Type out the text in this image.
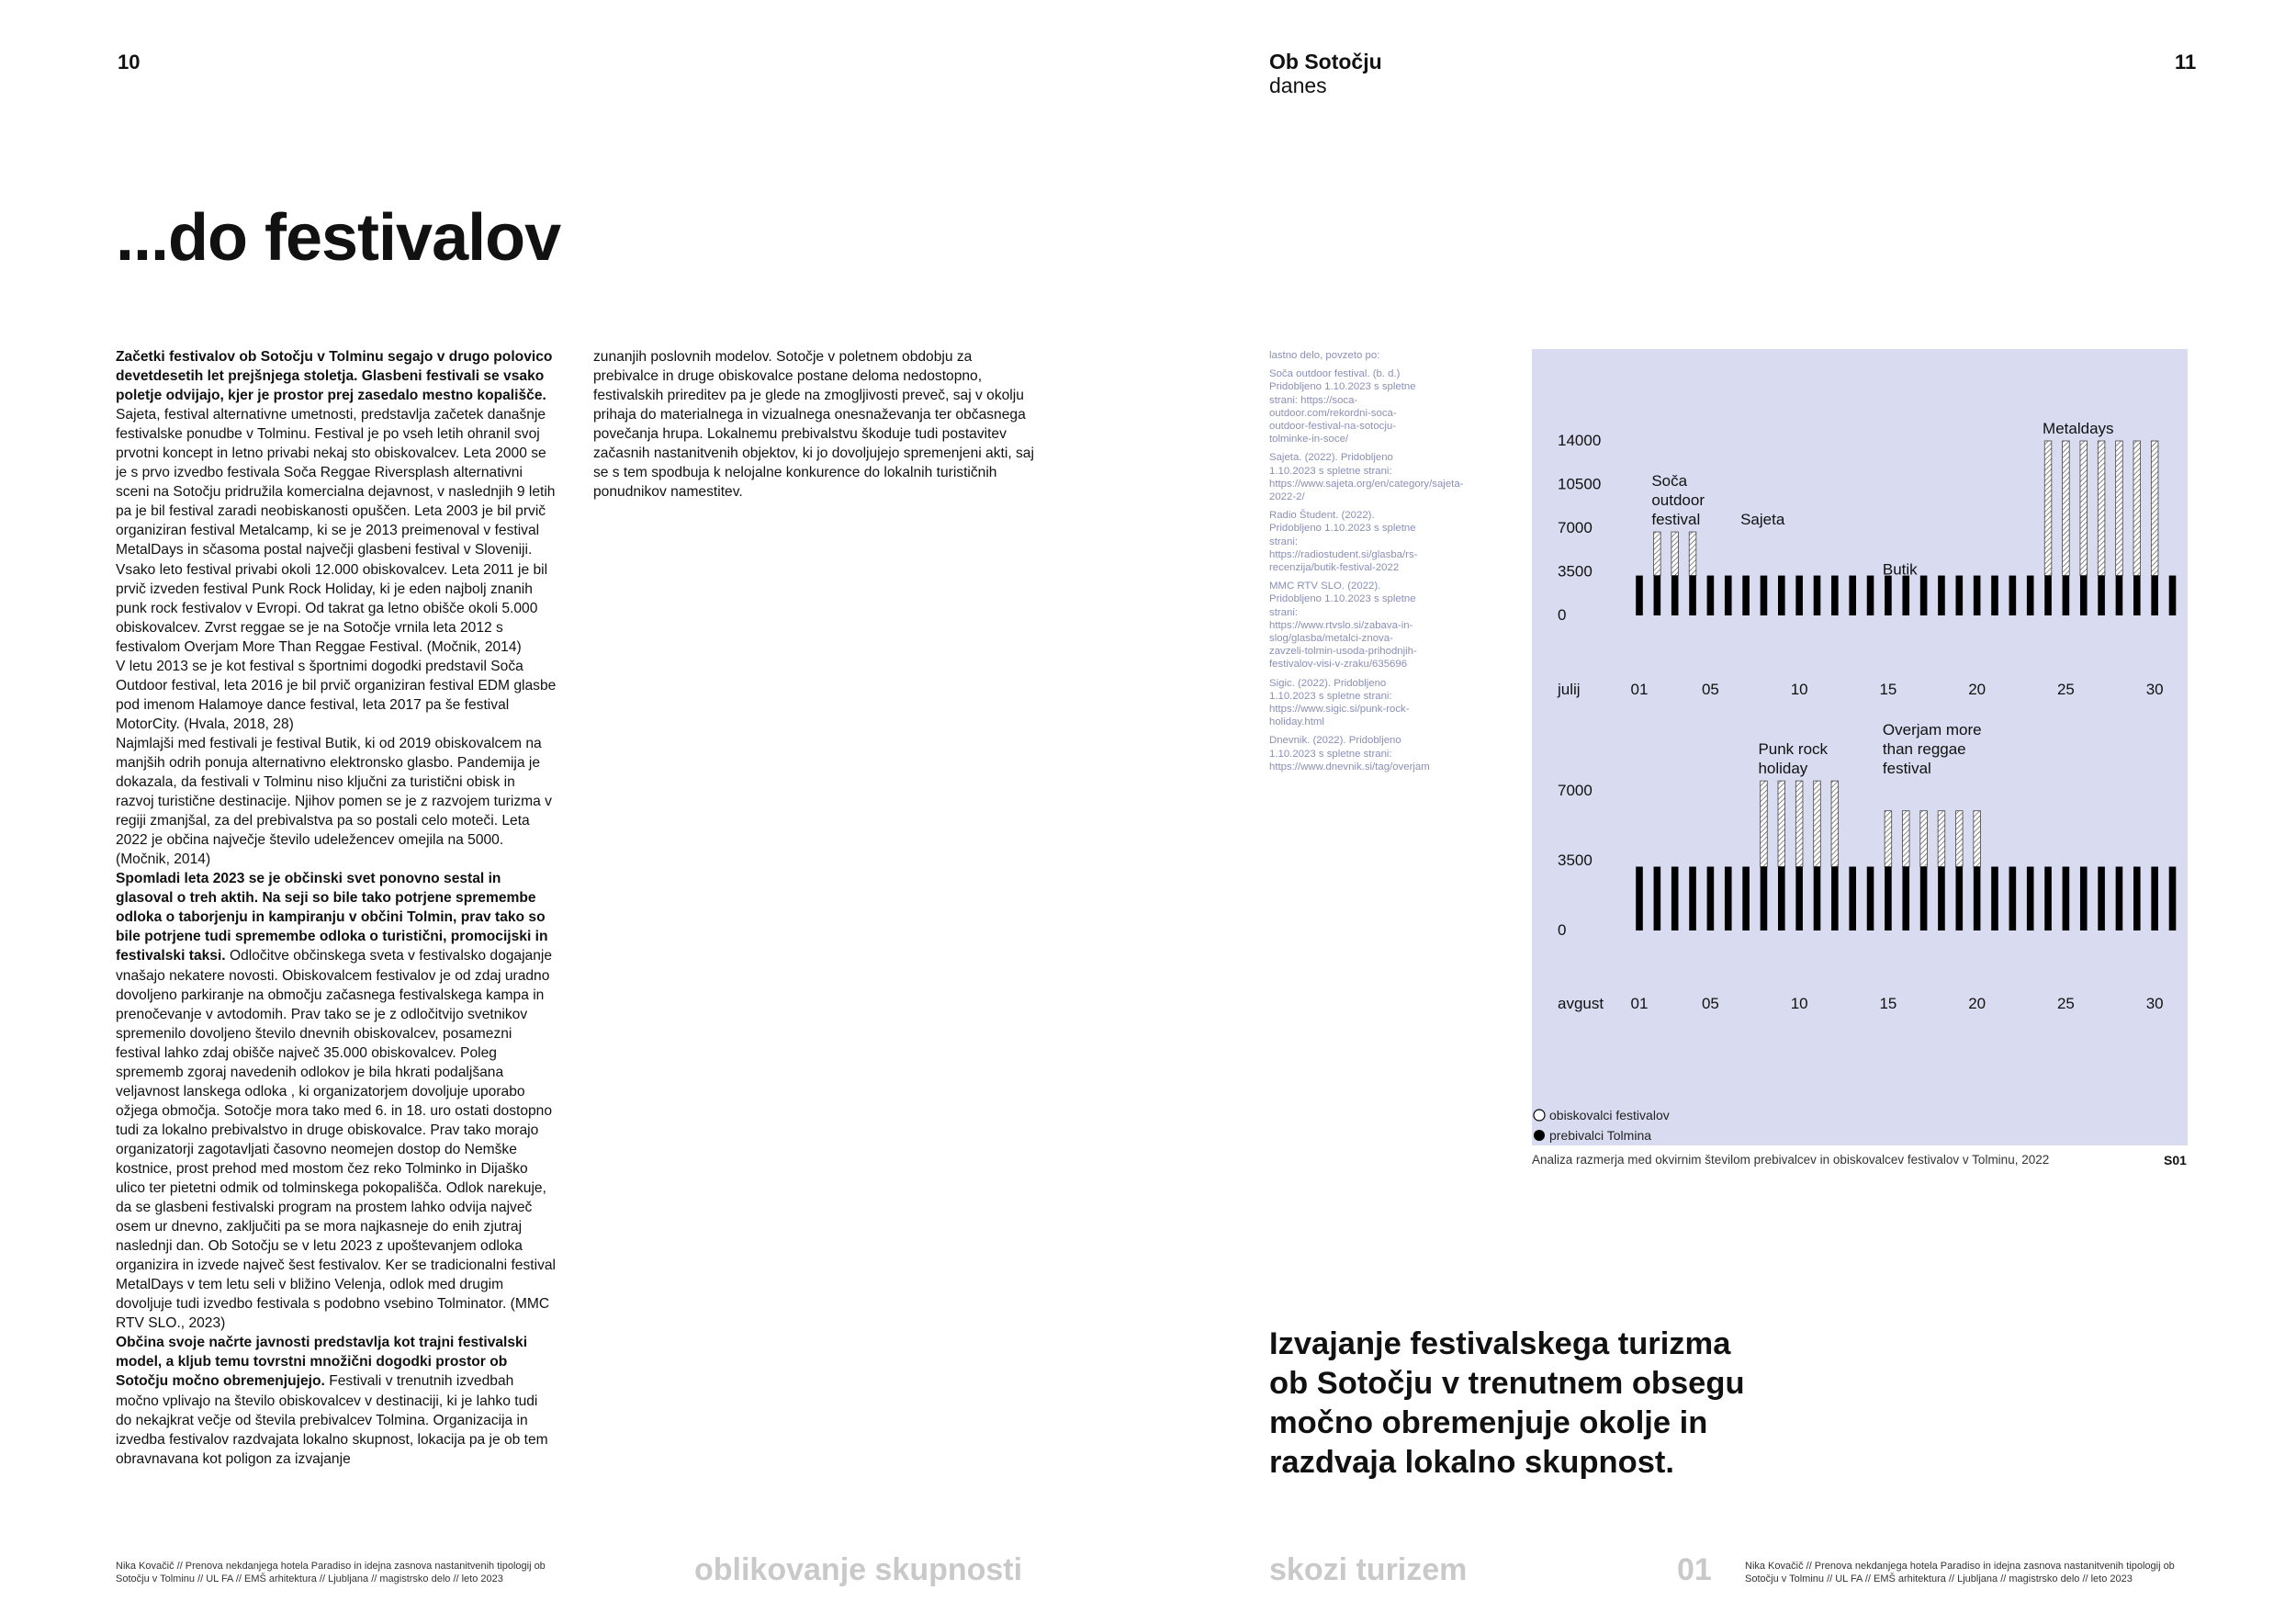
10	11
Ob Sotočju
danes
...do festivalov

Začetki festivalov ob Sotočju v Tolminu segajo v drugo polovico devetdesetih let prejšnjega stoletja. Glasbeni festivali se vsako poletje odvijajo, kjer je prostor prej zasedalo mestno kopališče. Sajeta, festival alternativne umetnosti, predstavlja začetek današnje festivalske ponudbe v Tolminu. Festival je po vseh letih ohranil svoj prvotni koncept in letno privabi nekaj sto obiskovalcev. Leta 2000 se je s prvo izvedbo festivala Soča Reggae Riversplash alternativni sceni na Sotočju pridružila komercialna dejavnost, v naslednjih 9 letih pa je bil festival zaradi neobiskanosti opuščen. Leta 2003 je bil prvič organiziran festival Metalcamp, ki se je 2013 preimenoval v festival MetalDays in sčasoma postal največji glasbeni festival v Sloveniji. Vsako leto festival privabi okoli 12.000 obiskovalcev. Leta 2011 je bil prvič izveden festival Punk Rock Holiday, ki je eden najbolj znanih punk rock festivalov v Evropi. Od takrat ga letno obišče okoli 5.000 obiskovalcev. Zvrst reggae se je na Sotočje vrnila leta 2012 s festivalom Overjam More Than Reggae Festival. (Močnik, 2014)

V letu 2013 se je kot festival s športnimi dogodki predstavil Soča Outdoor festival, leta 2016 je bil prvič organiziran festival EDM glasbe pod imenom Halamoye dance festival, leta 2017 pa še festival MotorCity. (Hvala, 2018, 28)

Najmlajši med festivali je festival Butik, ki od 2019 obiskovalcem na manjših odrih ponuja alternativno elektronsko glasbo. Pandemija je dokazala, da festivali v Tolminu niso ključni za turistični obisk in razvoj turistične destinacije. Njihov pomen se je z razvojem turizma v regiji zmanjšal, za del prebivalstva pa so postali celo moteči. Leta 2022 je občina največje število udeležencev omejila na 5000. (Močnik, 2014)

Spomladi leta 2023 se je občinski svet ponovno sestal in glasoval o treh aktih. Na seji so bile tako potrjene spremembe odloka o taborjenju in kampiranju v občini Tolmin, prav tako so bile potrjene tudi spremembe odloka o turistični, promocijski in festivalski taksi. Odločitve občinskega sveta v festivalsko dogajanje vnašajo nekatere novosti. Obiskovalcem festivalov je od zdaj uradno dovoljeno parkiranje na območju začasnega festivalskega kampa in prenočevanje v avtodomih. Prav tako se je z odločitvijo svetnikov spremenilo dovoljeno število dnevnih obiskovalcev, posamezni festival lahko zdaj obišče največ 35.000 obiskovalcev. Poleg sprememb zgoraj navedenih odlokov je bila hkrati podaljšana veljavnost lanskega odloka , ki organizatorjem dovoljuje uporabo ožjega območja. Sotočje mora tako med 6. in 18. uro ostati dostopno tudi za lokalno prebivalstvo in druge obiskovalce. Prav tako morajo organizatorji zagotavljati časovno neomejen dostop do Nemške kostnice, prost prehod med mostom čez reko Tolminko in Dijaško ulico ter pietetni odmik od tolminskega pokopališča. Odlok narekuje, da se glasbeni festivalski program na prostem lahko odvija največ osem ur dnevno, zaključiti pa se mora najkasneje do enih zjutraj naslednji dan. Ob Sotočju se v letu 2023 z upoštevanjem odloka organizira in izvede največ šest festivalov. Ker se tradicionalni festival MetalDays v tem letu seli v bližino Velenja, odlok med drugim dovoljuje tudi izvedbo festivala s podobno vsebino Tolminator. (MMC RTV SLO., 2023)

Občina svoje načrte javnosti predstavlja kot trajni festivalski model, a kljub temu tovrstni množični dogodki prostor ob Sotočju močno obremenjujejo. Festivali v trenutnih izvedbah močno vplivajo na število obiskovalcev v destinaciji, ki je lahko tudi do nekajkrat večje od števila prebivalcev Tolmina. Organizacija in izvedba festivalov razdvajata lokalno skupnost, lokacija pa je ob tem obravnavana kot poligon za izvajanje

zunanjih poslovnih modelov. Sotočje v poletnem obdobju za prebivalce in druge obiskovalce postane deloma nedostopno, festivalskih prireditev pa je glede na zmogljivosti preveč, saj v okolju prihaja do materialnega in vizualnega onesnaževanja ter občasnega povečanja hrupa. Lokalnemu prebivalstvu škoduje tudi postavitev začasnih nastanitvenih objektov, ki jo dovoljujejo spremenjeni akti, saj se s tem spodbuja k nelojalne konkurence do lokalnih turističnih ponudnikov namestitev.

lastno delo, povzeto po:

Soča outdoor festival. (b. d.) Pridobljeno 1.10.2023 s spletne strani: https://soca-outdoor.com/rekordni-soca-outdoor-festival-na-sotocju-tolminke-in-soce/

Sajeta. (2022). Pridobljeno 1.10.2023 s spletne strani: https://www.sajeta.org/en/category/sajeta-2022-2/

Radio Študent. (2022). Pridobljeno 1.10.2023 s spletne strani: https://radiostudent.si/glasba/rs-recenzija/butik-festival-2022

MMC RTV SLO. (2022). Pridobljeno 1.10.2023 s spletne strani: https://www.rtvslo.si/zabava-in-slog/glasba/metalci-znova-zavzeli-tolmin-usoda-prihodnjih-festivalov-visi-v-zraku/635696

Sigic. (2022). Pridobljeno 1.10.2023 s spletne strani: https://www.sigic.si/punk-rock-holiday.html

Dnevnik. (2022). Pridobljeno 1.10.2023 s spletne strani: https://www.dnevnik.si/tag/overjam

0
3500
7000
10500
14000
julij	01	05	10	15	20	25	30
Soča
outdoor
festival	Sajeta
Butik
Metaldays
0
3500
7000
avgust 01	05	10	15	20	25	30
Punk rock
holiday
Overjam more
than reggae
festival
obiskovalci festivalov
prebivalci Tolmina
Analiza razmerja med okvirnim številom prebivalcev in obiskovalcev festivalov v Tolminu, 2022	S01
Izvajanje festivalskega turizma ob Sotočju v trenutnem obsegu močno obremenjuje okolje in razdvaja lokalno skupnost.
Nika Kovačič // Prenova nekdanjega hotela Paradiso in idejna zasnova nastanitvenih tipologij ob Sotočju v Tolminu // UL FA // EMŠ arhitektura // Ljubljana // magistrsko delo // leto 2023	oblikovanje skupnosti	skozi turizem	01	Nika Kovačič // Prenova nekdanjega hotela Paradiso in idejna zasnova nastanitvenih tipologij ob Sotočju v Tolminu // UL FA // EMŠ arhitektura // Ljubljana // magistrsko delo // leto 2023
